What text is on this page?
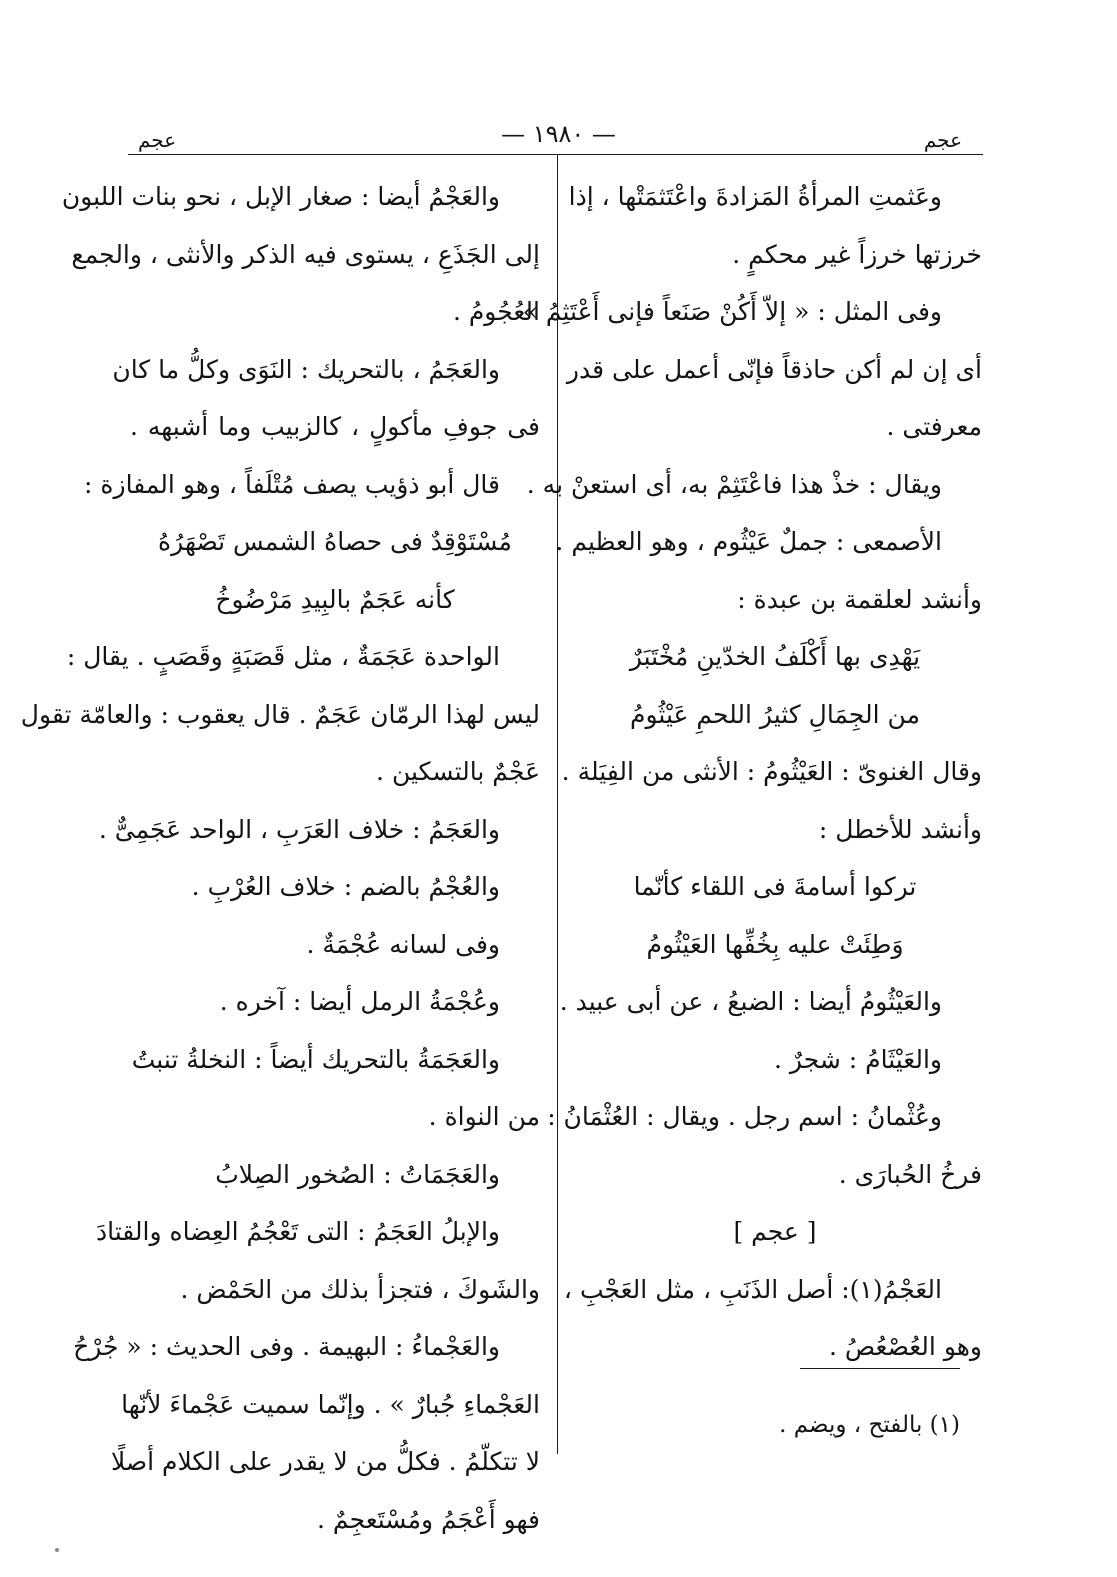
عجم
— ١٩٨٠ —
عجم
وعَثمتِ المرأةُ المَزادةَ واعْتَثمَتْها ، إذا
خرزتها خرزاً غير محكمٍ .
وفى المثل : « إلاّ أَكُنْ صَنَعاً فإنى أَعْتَثِمُ »
أى إن لم أكن حاذقاً فإنّى أعمل على قدر
معرفتى .
ويقال : خذْ هذا فاعْتَثِمْ به، أى استعنْ به .
الأصمعى : جملٌ عَيْثُوم ، وهو العظيم .
وأنشد لعلقمة بن عبدة :
يَهْدِى بها أَكْلَفُ الخدّينِ مُخْتَبَرٌ
من الجِمَالِ كثيرُ اللحمِ عَيْثُومُ
وقال الغنوىّ : العَيْثُومُ : الأنثى من الفِيَلة .
وأنشد للأخطل :
تركوا أسامةَ فى اللقاء كأنّما
وَطِئَتْ عليه بِخُفِّها العَيْثُومُ
والعَيْثُومُ أيضا : الضبعُ ، عن أبى عبيد .
والعَيْثَامُ : شجرٌ .
وعُثْمانُ : اسم رجل . ويقال : العُثْمَانُ :
فرخُ الحُبارَى .
[ عجم ]
العَجْمُ(١): أصل الذَنَبِ ، مثل العَجْبِ ،
وهو العُصْعُصُ .
والعَجْمُ أيضا : صغار الإبل ، نحو بنات اللبون
إلى الجَذَعِ ، يستوى فيه الذكر والأنثى ، والجمع
العُجُومُ .
والعَجَمُ ، بالتحريك : النَوَى وكلُّ ما كان
فى جوفِ مأكولٍ ، كالزبيب وما أشبهه .
قال أبو ذؤيب يصف مُتْلَفاً ، وهو المفازة :
مُسْتَوْقِدٌ فى حصاهُ الشمس تَصْهَرُهُ
كأنه عَجَمٌ بالبِيدِ مَرْضُوخُ
الواحدة عَجَمَةٌ ، مثل قَصَبَةٍ وقَصَبٍ . يقال :
ليس لهذا الرمّان عَجَمٌ . قال يعقوب : والعامّة تقول
عَجْمٌ بالتسكين .
والعَجَمُ : خلاف العَرَبِ ، الواحد عَجَمِىٌّ .
والعُجْمُ بالضم : خلاف العُرْبِ .
وفى لسانه عُجْمَةٌ .
وعُجْمَةُ الرمل أيضا : آخره .
والعَجَمَةُ بالتحريك أيضاً : النخلةُ تنبتُ
من النواة .
والعَجَمَاتُ : الصُخور الصِلابُ
والإبلُ العَجَمُ : التى تَعْجُمُ العِضاه والقتادَ
والشَوكَ ، فتجزأ بذلك من الحَمْض .
والعَجْماءُ : البهيمة . وفى الحديث : « جُرْحُ
العَجْماءِ جُبارٌ » . وإنّما سميت عَجْماءَ لأنّها
لا تتكلّمُ . فكلُّ من لا يقدر على الكلام أصلًا
فهو أَعْجَمُ ومُسْتَعجِمٌ .
(١) بالفتح ، ويضم .
